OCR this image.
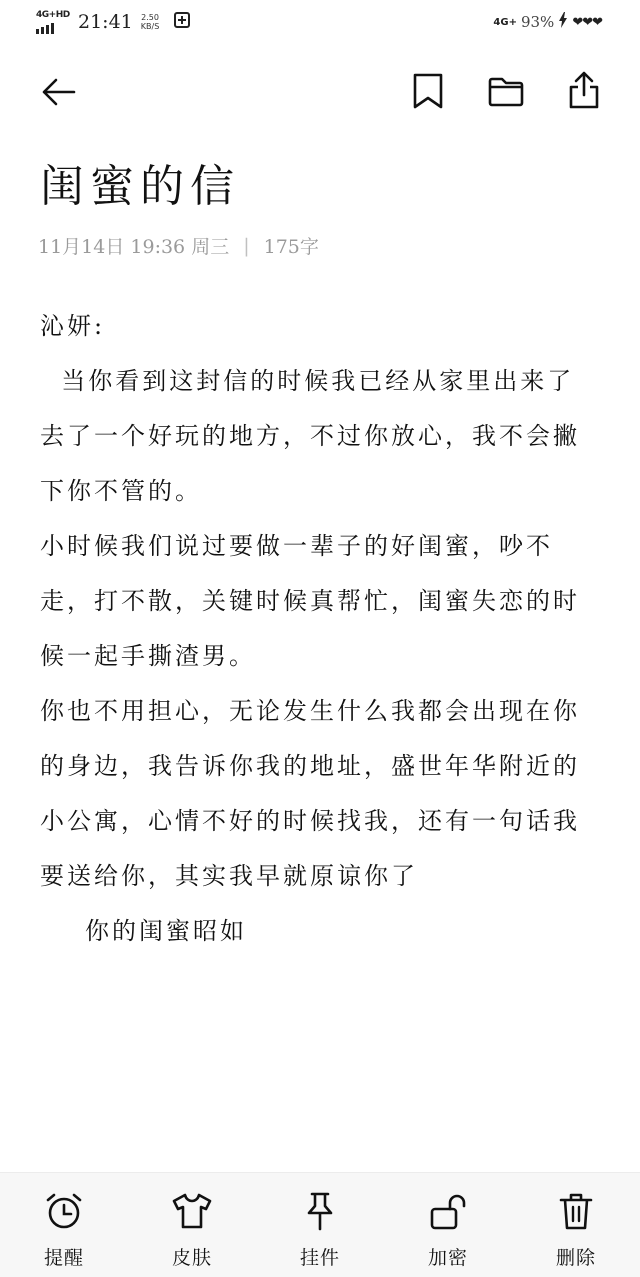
4G+HD 21:41 2.50
KB/S	4G+ 93% ❤❤❤
闺蜜的信
11月14日 19:36 周三 | 175字

沁妍:

当你看到这封信的时候我已经从家里出来了去了一个好玩的地方，不过你放心，我不会撇下你不管的。

小时候我们说过要做一辈子的好闺蜜，吵不走，打不散，关键时候真帮忙，闺蜜失恋的时候一起手撕渣男。

你也不用担心，无论发生什么我都会出现在你的身边，我告诉你我的地址，盛世年华附近的小公寓，心情不好的时候找我，还有一句话我要送给你，其实我早就原谅你了

你的闺蜜昭如

提醒	皮肤	挂件	加密	删除
